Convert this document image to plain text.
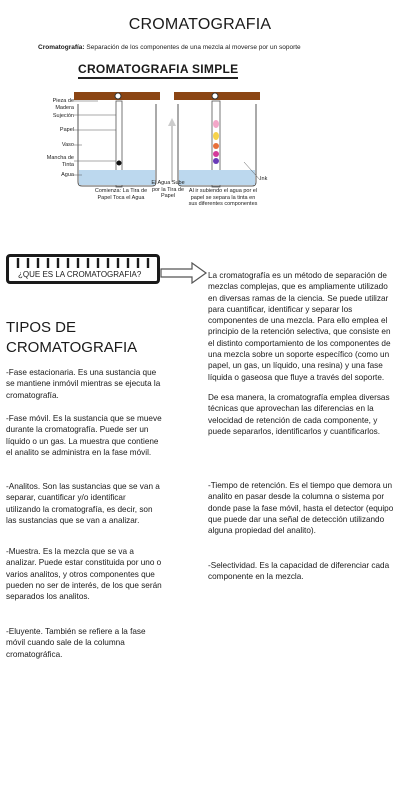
CROMATOGRAFIA
Cromatografía: Separación de los componentes de una mezcla al moverse por un soporte
CROMATOGRAFIA SIMPLE
Pieza de Madera
Sujeción
Papel
Vaso
Mancha de Tinta
Agua
Comienza: La Tira de Papel Toca el Agua
El Agua Sube por la Tira de Papel
Al ir subiendo el agua por el papel se separa la tinta en sus diferentes componentes
Ink
¿QUE ES LA CROMATOGRAFIA?	La cromatografía es un método de separación de mezclas complejas, que es ampliamente utilizado en diversas ramas de la ciencia. Se puede utilizar para cuantificar, identificar y separar los componentes de una mezcla. Para ello emplea el principio de la retención selectiva, que consiste en el distinto comportamiento de los componentes de una mezcla sobre un soporte específico (como un papel, un gas, un líquido, una resina) y una fase líquida o gaseosa que fluye a través del soporte.
De esa manera, la cromatografía emplea diversas técnicas que aprovechan las diferencias en la velocidad de retención de cada componente, y puede separarlos, identificarlos y cuantificarlos.
TIPOS DE CROMATOGRAFIA
-Fase estacionaria. Es una sustancia que se mantiene inmóvil mientras se ejecuta la cromatografía.
-Fase móvil. Es la sustancia que se mueve durante la cromatografía. Puede ser un líquido o un gas. La muestra que contiene el analito se administra en la fase móvil.
-Analitos. Son las sustancias que se van a separar, cuantificar y/o identificar utilizando la cromatografía, es decir, son las sustancias que se van a analizar.
-Muestra. Es la mezcla que se va a analizar. Puede estar constituida por uno o varios analitos, y otros componentes que pueden no ser de interés, de los que serán separados los analitos.
-Eluyente. También se refiere a la fase móvil cuando sale de la columna cromatográfica.
-Tiempo de retención. Es el tiempo que demora un analito en pasar desde la columna o sistema por donde pase la fase móvil, hasta el detector (equipo que puede dar una señal de detección utilizando alguna propiedad del analito).
-Selectividad. Es la capacidad de diferenciar cada componente en la mezcla.
